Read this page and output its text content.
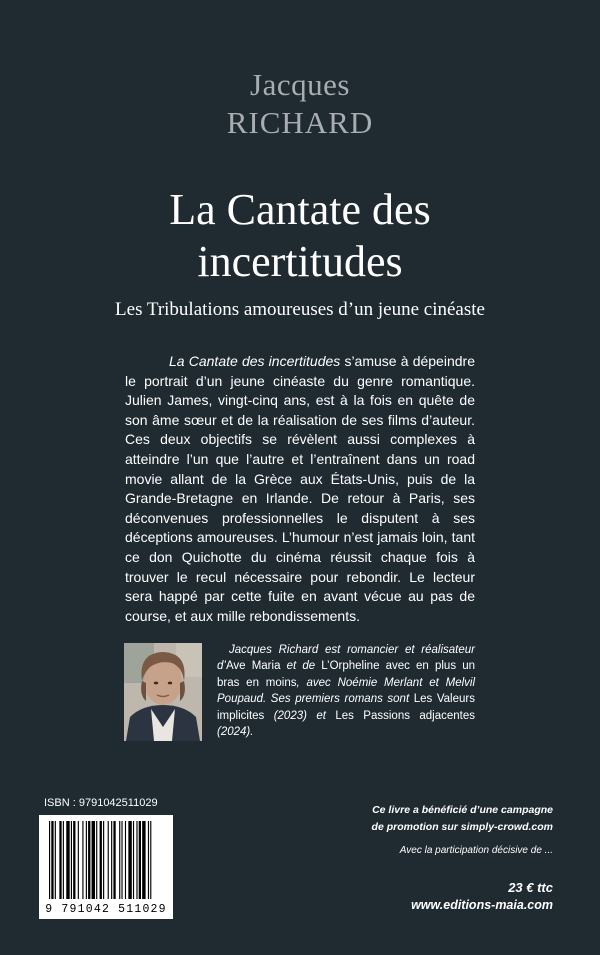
Jacques
RICHARD
La Cantate des
incertitudes
Les Tribulations amoureuses d’un jeune cinéaste

La Cantate des incertitudes s’amuse à dépeindre le portrait d’un jeune cinéaste du genre romantique. Julien James, vingt-cinq ans, est à la fois en quête de son âme sœur et de la réalisation de ses films d’auteur. Ces deux objectifs se révèlent aussi complexes à atteindre l’un que l’autre et l’entraînent dans un road movie allant de la Grèce aux États-Unis, puis de la Grande-Bretagne en Irlande. De retour à Paris, ses déconvenues professionnelles le disputent à ses déceptions amoureuses. L’humour n’est jamais loin, tant ce don Quichotte du cinéma réussit chaque fois à trouver le recul nécessaire pour rebondir. Le lecteur sera happé par cette fuite en avant vécue au pas de course, et aux mille rebondissements.

Jacques Richard est romancier et réalisateur d’Ave Maria et de L’Orpheline avec en plus un bras en moins, avec Noémie Merlant et Melvil Poupaud. Ses premiers romans sont Les Valeurs implicites (2023) et Les Passions adjacentes (2024).

ISBN : 9791042511029
9 791042 511029

Ce livre a bénéficié d’une campagne
de promotion sur simply-crowd.com

Avec la participation décisive de ...
23 € ttc
www.editions-maia.com
